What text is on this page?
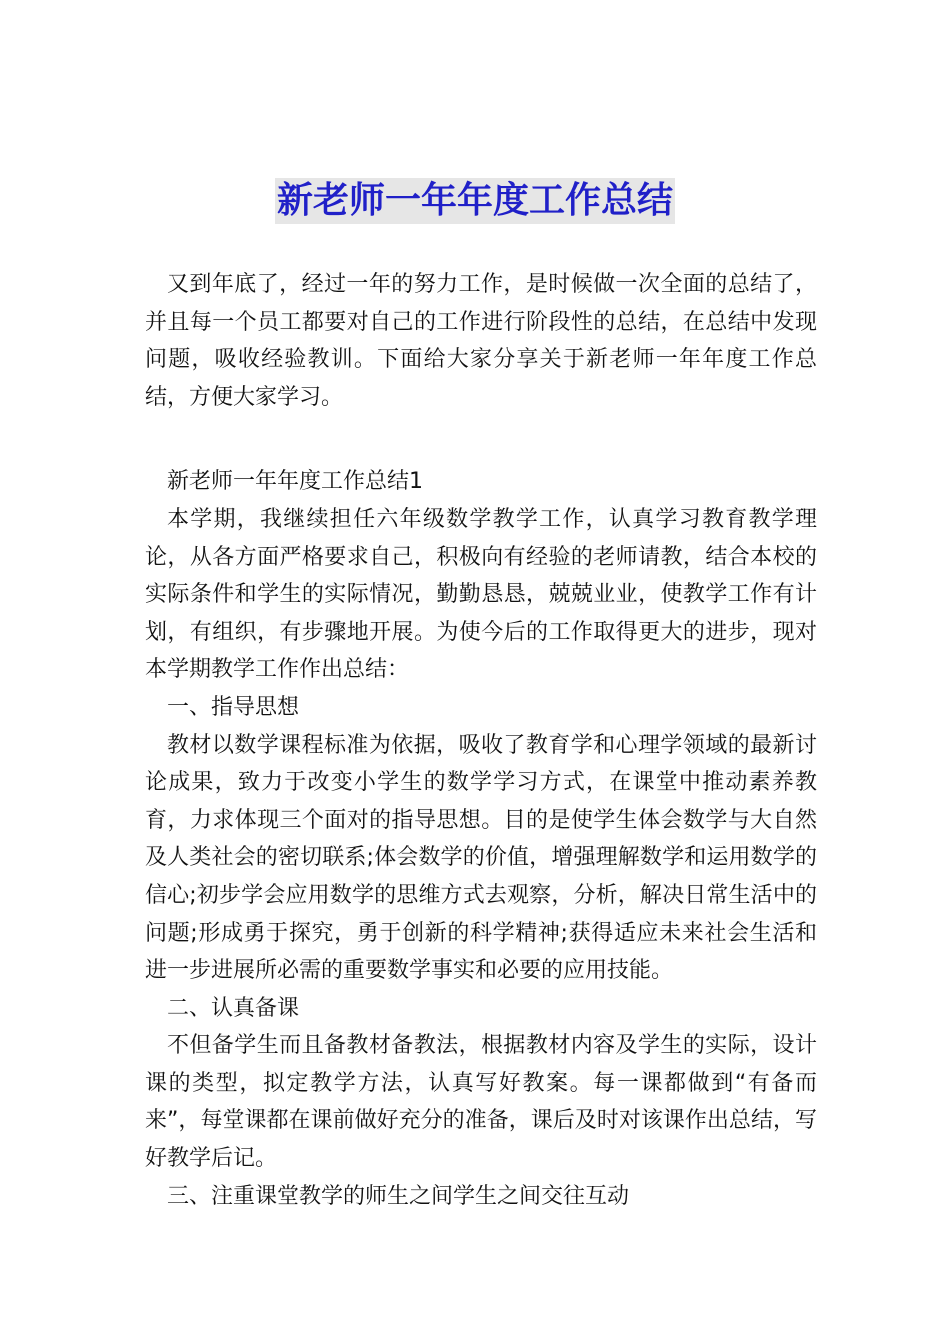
新老师一年年度工作总结

又到年底了，经过一年的努力工作，是时候做一次全面的总结了，并且每一个员工都要对自己的工作进行阶段性的总结，在总结中发现问题，吸收经验教训。下面给大家分享关于新老师一年年度工作总结，方便大家学习。

新老师一年年度工作总结1

本学期，我继续担任六年级数学教学工作，认真学习教育教学理论，从各方面严格要求自己，积极向有经验的老师请教，结合本校的实际条件和学生的实际情况，勤勤恳恳，兢兢业业，使教学工作有计划，有组织，有步骤地开展。为使今后的工作取得更大的进步，现对本学期教学工作作出总结：

一、指导思想

教材以数学课程标准为依据，吸收了教育学和心理学领域的最新讨论成果，致力于改变小学生的数学学习方式，在课堂中推动素养教育，力求体现三个面对的指导思想。目的是使学生体会数学与大自然及人类社会的密切联系;体会数学的价值，增强理解数学和运用数学的信心;初步学会应用数学的思维方式去观察，分析，解决日常生活中的问题;形成勇于探究，勇于创新的科学精神;获得适应未来社会生活和进一步进展所必需的重要数学事实和必要的应用技能。

二、认真备课

不但备学生而且备教材备教法，根据教材内容及学生的实际，设计课的类型，拟定教学方法，认真写好教案。每一课都做到“有备而来”，每堂课都在课前做好充分的准备，课后及时对该课作出总结，写好教学后记。

三、注重课堂教学的师生之间学生之间交往互动
